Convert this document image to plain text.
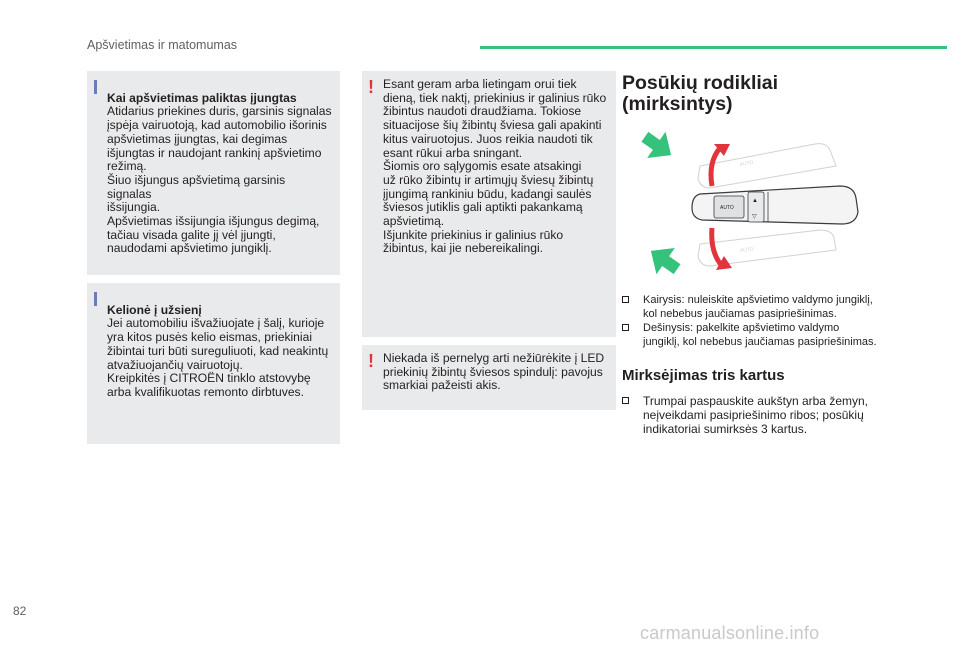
Apšvietimas ir matomumas

Kai apšvietimas paliktas įjungtas
Atidarius priekines duris, garsinis signalas
įspėja vairuotoją, kad automobilio išorinis
apšvietimas įjungtas, kai degimas
išjungtas ir naudojant rankinį apšvietimo
režimą.
Šiuo išjungus apšvietimą garsinis signalas
išsijungia.
Apšvietimas išsijungia išjungus degimą,
tačiau visada galite jį vėl įjungti,
naudodami apšvietimo jungiklį.

Kelionė į užsienį
Jei automobiliu išvažiuojate į šalį, kurioje
yra kitos pusės kelio eismas, priekiniai
žibintai turi būti sureguliuoti, kad neakintų
atvažiuojančių vairuotojų.
Kreipkitės į CITROËN tinklo atstovybę
arba kvalifikuotas remonto dirbtuves.

! Esant geram arba lietingam orui tiek
dieną, tiek naktį, priekinius ir galinius rūko
žibintus naudoti draudžiama. Tokiose
situacijose šių žibintų šviesa gali apakinti
kitus vairuotojus. Juos reikia naudoti tik
esant rūkui arba sningant.
Šiomis oro sąlygomis esate atsakingi
už rūko žibintų ir artimųjų šviesų žibintų
įjungimą rankiniu būdu, kadangi saulės
šviesos jutiklis gali aptikti pakankamą
apšvietimą.
Išjunkite priekinius ir galinius rūko
žibintus, kai jie nebereikalingi.
! Niekada iš pernelyg arti nežiūrėkite į LED
priekinių žibintų šviesos spindulį: pavojus
smarkiai pažeisti akis.
Posūkių rodikliai
(mirksintys)
AUTO
AUTO
AUTO
▲
▽
Kairysis: nuleiskite apšvietimo valdymo jungiklį,
kol nebebus jaučiamas pasipriešinimas.
Dešinysis: pakelkite apšvietimo valdymo
jungiklį, kol nebebus jaučiamas pasipriešinimas.
Mirksėjimas tris kartus
Trumpai paspauskite aukštyn arba žemyn,
neįveikdami pasipriešinimo ribos; posūkių
indikatoriai sumirksės 3 kartus.
82
carmanualsonline.info
